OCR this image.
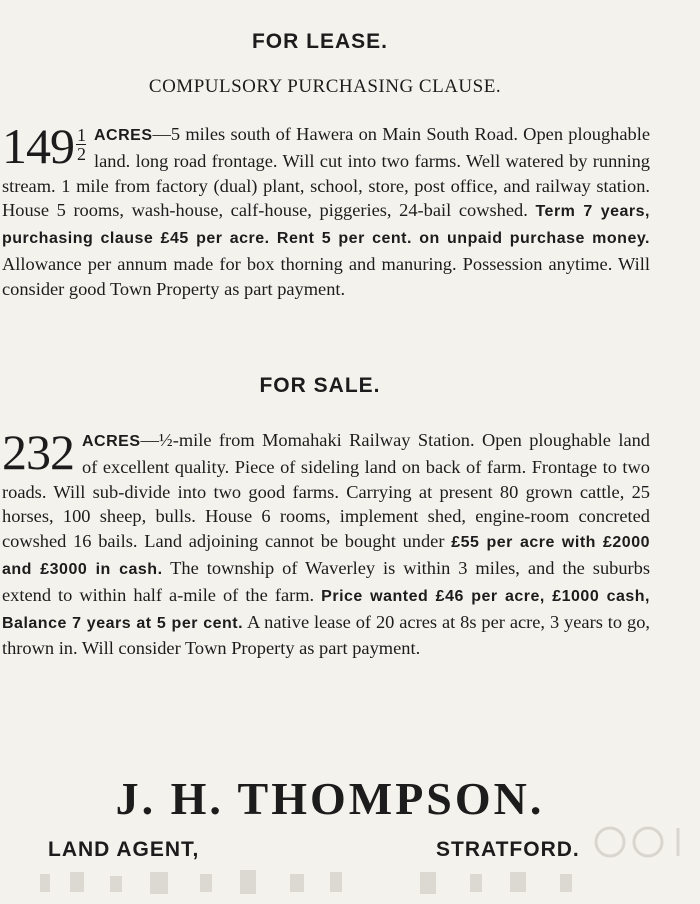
FOR LEASE.
COMPULSORY PURCHASING CLAUSE.
$149 \frac{1}{2}$ ACRES—5 miles south of Hawera on Main South Road. Open ploughable land. long road frontage. Will cut into two farms. Well watered by running stream. 1 mile from factory (dual) plant, school, store, post office, and railway station. House 5 rooms, wash-house, calf-house, piggeries, 24-bail cowshed. Term 7 years, purchasing clause £45 per acre. Rent 5 per cent. on unpaid purchase money. Allowance per annum made for box thorning and manuring. Possession anytime. Will consider good Town Property as part payment.
FOR SALE.
232 ACRES—½-mile from Momahaki Railway Station. Open ploughable land of excellent quality. Piece of sideling land on back of farm. Frontage to two roads. Will sub-divide into two good farms. Carrying at present 80 grown cattle, 25 horses, 100 sheep, bulls. House 6 rooms, implement shed, engine-room concreted cowshed 16 bails. Land adjoining cannot be bought under £55 per acre with £2000 and £3000 in cash. The township of Waverley is within 3 miles, and the suburbs extend to within half a-mile of the farm. Price wanted £46 per acre, £1000 cash, Balance 7 years at 5 per cent. A native lease of 20 acres at 8s per acre, 3 years to go, thrown in. Will consider Town Property as part payment.
J. H. THOMPSON.
LAND AGENT,	STRATFORD.
